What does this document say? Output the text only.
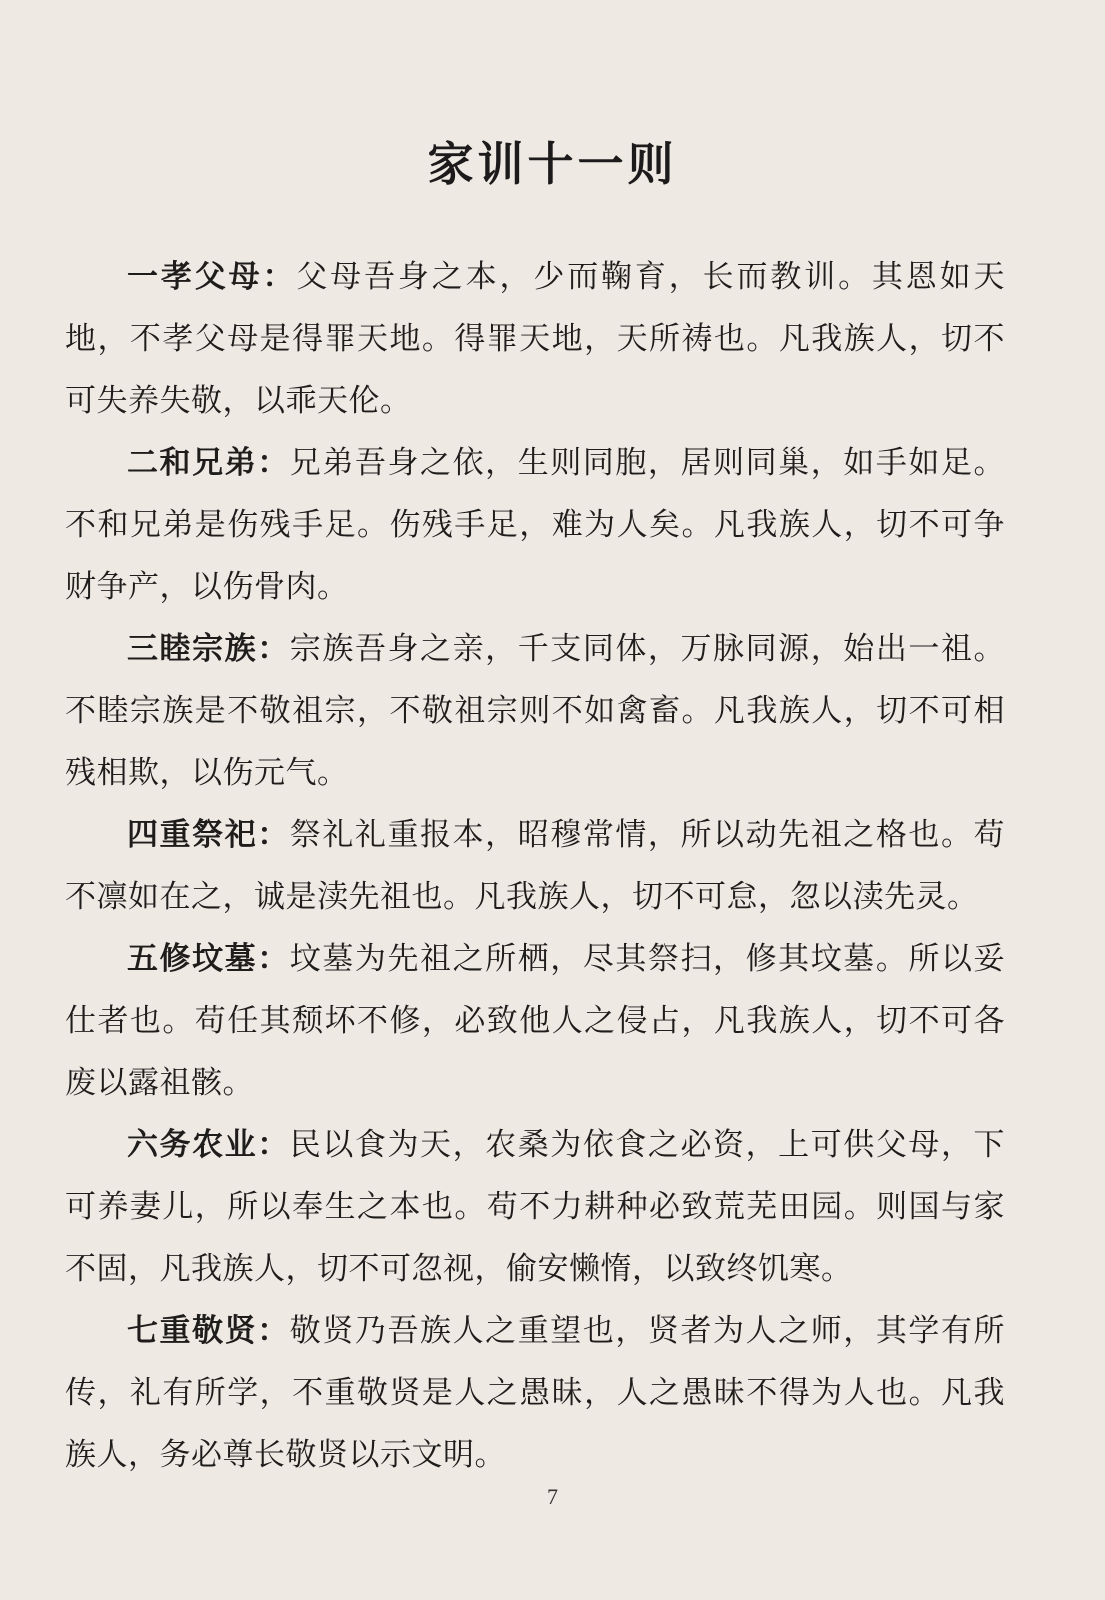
家训十一则

一孝父母：父母吾身之本，少而鞠育，长而教训。其恩如天地，不孝父母是得罪天地。得罪天地，天所祷也。凡我族人，切不可失养失敬，以乖天伦。

二和兄弟：兄弟吾身之依，生则同胞，居则同巢，如手如足。不和兄弟是伤残手足。伤残手足，难为人矣。凡我族人，切不可争财争产，以伤骨肉。

三睦宗族：宗族吾身之亲，千支同体，万脉同源，始出一祖。不睦宗族是不敬祖宗，不敬祖宗则不如禽畜。凡我族人，切不可相残相欺，以伤元气。

四重祭祀：祭礼礼重报本，昭穆常情，所以动先祖之格也。苟不凛如在之，诚是渎先祖也。凡我族人，切不可怠，忽以渎先灵。

五修坟墓：坟墓为先祖之所栖，尽其祭扫，修其坟墓。所以妥仕者也。苟任其颓坏不修，必致他人之侵占，凡我族人，切不可各废以露祖骸。

六务农业：民以食为天，农桑为依食之必资，上可供父母，下可养妻儿，所以奉生之本也。苟不力耕种必致荒芜田园。则国与家不固，凡我族人，切不可忽视，偷安懒惰，以致终饥寒。

七重敬贤：敬贤乃吾族人之重望也，贤者为人之师，其学有所传，礼有所学，不重敬贤是人之愚昧，人之愚昧不得为人也。凡我族人，务必尊长敬贤以示文明。

7
